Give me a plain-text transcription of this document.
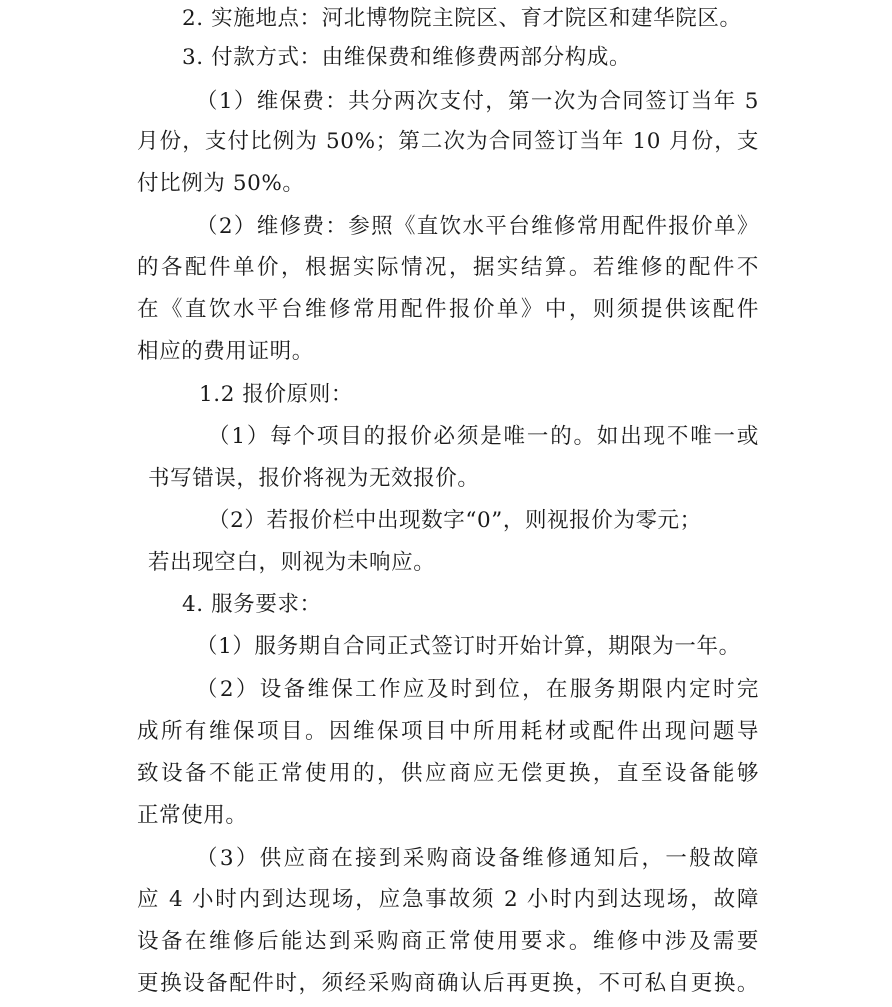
2. 实施地点：河北博物院主院区、育才院区和建华院区。
3. 付款方式：由维保费和维修费两部分构成。
（1）维保费：共分两次支付，第一次为合同签订当年 5
月份，支付比例为 50%；第二次为合同签订当年 10 月份，支
付比例为 50%。
（2）维修费：参照《直饮水平台维修常用配件报价单》
的各配件单价，根据实际情况，据实结算。若维修的配件不
在《直饮水平台维修常用配件报价单》中，则须提供该配件
相应的费用证明。
1.2 报价原则：
（1）每个项目的报价必须是唯一的。如出现不唯一或
书写错误，报价将视为无效报价。
（2）若报价栏中出现数字“0”，则视报价为零元；
若出现空白，则视为未响应。
4. 服务要求：
（1）服务期自合同正式签订时开始计算，期限为一年。
（2）设备维保工作应及时到位，在服务期限内定时完
成所有维保项目。因维保项目中所用耗材或配件出现问题导
致设备不能正常使用的，供应商应无偿更换，直至设备能够
正常使用。
（3）供应商在接到采购商设备维修通知后，一般故障
应 4 小时内到达现场，应急事故须 2 小时内到达现场，故障
设备在维修后能达到采购商正常使用要求。维修中涉及需要
更换设备配件时，须经采购商确认后再更换，不可私自更换。
